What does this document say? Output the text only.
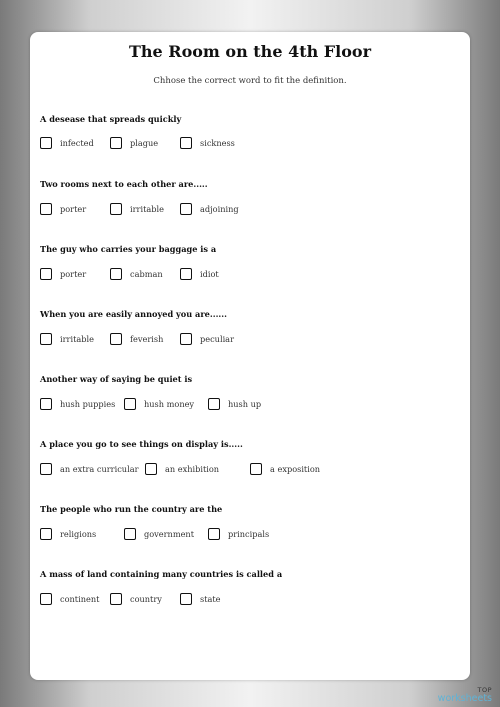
The Room on the 4th Floor
Chhose the correct word to fit the definition.
A desease that spreads quickly
infected	plague	sickness
Two rooms next to each other are.....
porter	irritable	adjoining
The guy who carries your baggage is a
porter	cabman	idiot
When you are easily annoyed you are......
irritable	feverish	peculiar
Another way of saying be quiet is
hush puppies	hush money	hush up
A place you go to see things on display is.....
an extra curricular	an exhibition	a exposition
The people who run the country are the
religions	government	principals
A mass of land containing many countries is called a
continent	country	state
TOP
worksheets
